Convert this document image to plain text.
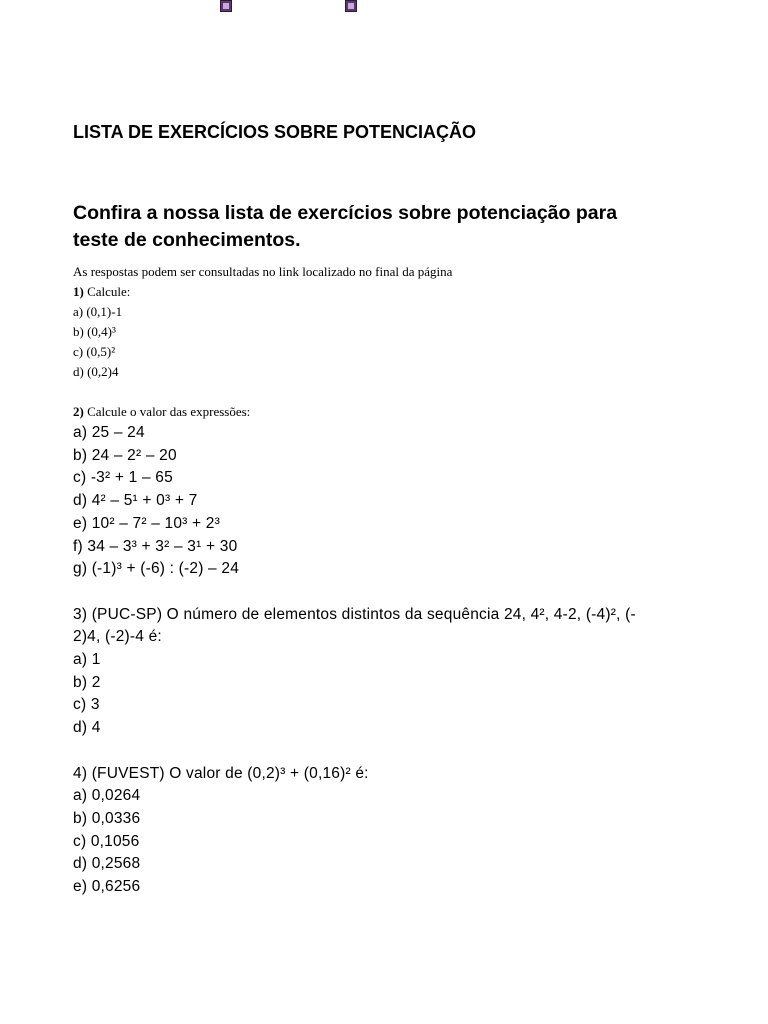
LISTA DE EXERCÍCIOS SOBRE POTENCIAÇÃO

Confira a nossa lista de exercícios sobre potenciação para
teste de conhecimentos.

As respostas podem ser consultadas no link localizado no final da página

1) Calcule:

a) (0,1)-1

b) (0,4)³

c) (0,5)²

d) (0,2)4

2) Calcule o valor das expressões:

a) 25 – 24

b) 24 – 2² – 20

c) -3² + 1 – 65

d) 4² – 5¹ + 0³ + 7

e) 10² – 7² – 10³ + 2³

f) 34 – 3³ + 3² – 3¹ + 30

g) (-1)³ + (-6) : (-2) – 24

3) (PUC-SP) O número de elementos distintos da sequência 24, 4², 4-2, (-4)², (-

2)4, (-2)-4 é:

a) 1

b) 2

c) 3

d) 4

4) (FUVEST) O valor de (0,2)³ + (0,16)² é:

a) 0,0264

b) 0,0336

c) 0,1056

d) 0,2568

e) 0,6256
